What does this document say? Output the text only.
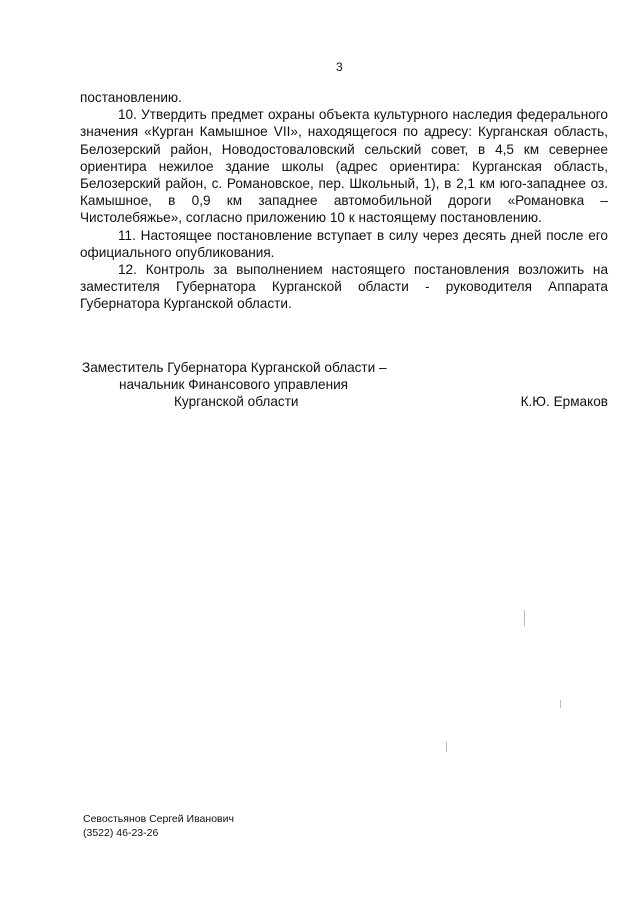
3

постановлению.

10. Утвердить предмет охраны объекта культурного наследия федерального значения «Курган Камышное VII», находящегося по адресу: Курганская область, Белозерский район, Новодостоваловский сельский совет, в 4,5 км севернее ориентира нежилое здание школы (адрес ориентира: Курганская область, Белозерский район, с. Романовское, пер. Школьный, 1), в 2,1 км юго-западнее оз. Камышное, в 0,9 км западнее автомобильной дороги «Романовка – Чистолебяжье», согласно приложению 10 к настоящему постановлению.

11. Настоящее постановление вступает в силу через десять дней после его официального опубликования.

12. Контроль за выполнением настоящего постановления возложить на заместителя Губернатора Курганской области - руководителя Аппарата Губернатора Курганской области.

Заместитель Губернатора Курганской области –
начальник Финансового управления
Курганской области	К.Ю. Ермаков
Севостьянов Сергей Иванович
(3522) 46-23-26
